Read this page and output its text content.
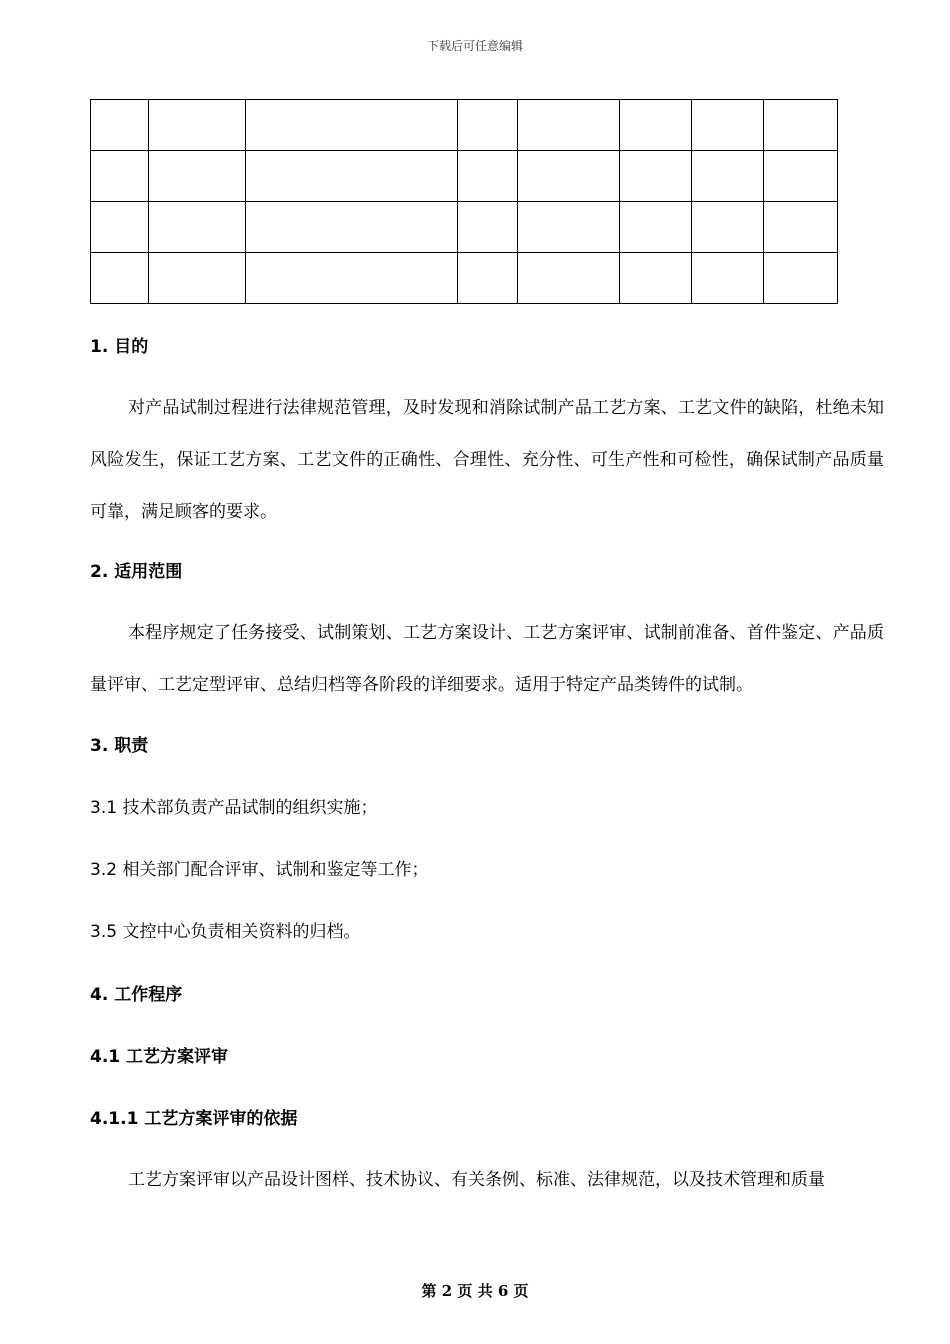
下载后可任意编辑

1. 目的

对产品试制过程进行法律规范管理，及时发现和消除试制产品工艺方案、工艺文件的缺陷，杜绝未知风险发生，保证工艺方案、工艺文件的正确性、合理性、充分性、可生产性和可检性，确保试制产品质量可靠，满足顾客的要求。

2. 适用范围

本程序规定了任务接受、试制策划、工艺方案设计、工艺方案评审、试制前准备、首件鉴定、产品质量评审、工艺定型评审、总结归档等各阶段的详细要求。适用于特定产品类铸件的试制。

3. 职责
3.1 技术部负责产品试制的组织实施；
3.2 相关部门配合评审、试制和鉴定等工作；
3.5 文控中心负责相关资料的归档。
4. 工作程序
4.1 工艺方案评审
4.1.1 工艺方案评审的依据

工艺方案评审以产品设计图样、技术协议、有关条例、标准、法律规范，以及技术管理和质量

第 2 页 共 6 页
